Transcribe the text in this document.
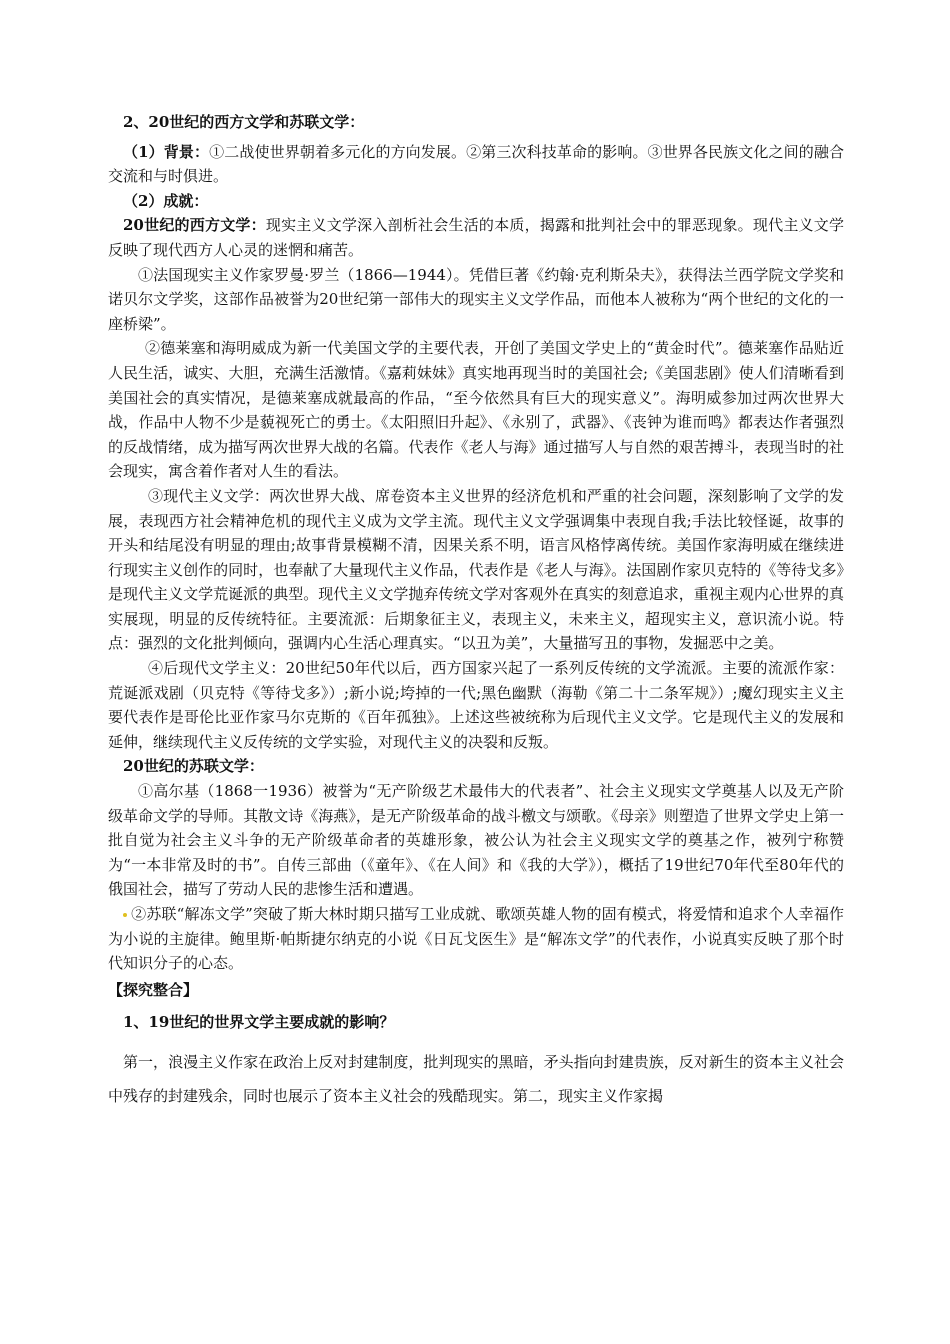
2、20世纪的西方文学和苏联文学：

（1）背景：①二战使世界朝着多元化的方向发展。②第三次科技革命的影响。③世界各民族文化之间的融合交流和与时俱进。

（2）成就：

20世纪的西方文学：现实主义文学深入剖析社会生活的本质，揭露和批判社会中的罪恶现象。现代主义文学反映了现代西方人心灵的迷惘和痛苦。

①法国现实主义作家罗曼·罗兰（1866—1944）。凭借巨著《约翰·克利斯朵夫》，获得法兰西学院文学奖和诺贝尔文学奖，这部作品被誉为20世纪第一部伟大的现实主义文学作品，而他本人被称为“两个世纪的文化的一座桥梁”。

②德莱塞和海明威成为新一代美国文学的主要代表，开创了美国文学史上的“黄金时代”。德莱塞作品贴近人民生活，诚实、大胆，充满生活激情。《嘉莉妹妹》真实地再现当时的美国社会;《美国悲剧》使人们清晰看到美国社会的真实情况，是德莱塞成就最高的作品，“至今依然具有巨大的现实意义”。海明威参加过两次世界大战，作品中人物不少是藐视死亡的勇士。《太阳照旧升起》、《永别了，武器》、《丧钟为谁而鸣》都表达作者强烈的反战情绪，成为描写两次世界大战的名篇。代表作《老人与海》通过描写人与自然的艰苦搏斗，表现当时的社会现实，寓含着作者对人生的看法。

③现代主义文学：两次世界大战、席卷资本主义世界的经济危机和严重的社会问题，深刻影响了文学的发展，表现西方社会精神危机的现代主义成为文学主流。现代主义文学强调集中表现自我;手法比较怪诞，故事的开头和结尾没有明显的理由;故事背景模糊不清，因果关系不明，语言风格悖离传统。美国作家海明威在继续进行现实主义创作的同时，也奉献了大量现代主义作品，代表作是《老人与海》。法国剧作家贝克特的《等待戈多》是现代主义文学荒诞派的典型。现代主义文学抛弃传统文学对客观外在真实的刻意追求，重视主观内心世界的真实展现，明显的反传统特征。主要流派：后期象征主义，表现主义，未来主义，超现实主义，意识流小说。特点：强烈的文化批判倾向，强调内心生活心理真实。“以丑为美”，大量描写丑的事物，发掘恶中之美。

④后现代文学主义：20世纪50年代以后，西方国家兴起了一系列反传统的文学流派。主要的流派作家：荒诞派戏剧（贝克特《等待戈多》）;新小说;垮掉的一代;黑色幽默（海勒《第二十二条军规》）;魔幻现实主义主要代表作是哥伦比亚作家马尔克斯的《百年孤独》。上述这些被统称为后现代主义文学。它是现代主义的发展和延伸，继续现代主义反传统的文学实验，对现代主义的决裂和反叛。

20世纪的苏联文学：

①高尔基（1868一1936）被誉为“无产阶级艺术最伟大的代表者”、社会主义现实文学奠基人以及无产阶级革命文学的导师。其散文诗《海燕》，是无产阶级革命的战斗檄文与颂歌。《母亲》则塑造了世界文学史上第一批自觉为社会主义斗争的无产阶级革命者的英雄形象，被公认为社会主义现实文学的奠基之作，被列宁称赞为“一本非常及时的书”。自传三部曲（《童年》、《在人间》和《我的大学》），概括了19世纪70年代至80年代的俄国社会，描写了劳动人民的悲惨生活和遭遇。

②苏联“解冻文学”突破了斯大林时期只描写工业成就、歌颂英雄人物的固有模式，将爱情和追求个人幸福作为小说的主旋律。鲍里斯·帕斯捷尔纳克的小说《日瓦戈医生》是“解冻文学”的代表作，小说真实反映了那个时代知识分子的心态。

【探究整合】

1、19世纪的世界文学主要成就的影响？

第一，浪漫主义作家在政治上反对封建制度，批判现实的黑暗，矛头指向封建贵族，反对新生的资本主义社会中残存的封建残余，同时也展示了资本主义社会的残酷现实。第二，现实主义作家揭
